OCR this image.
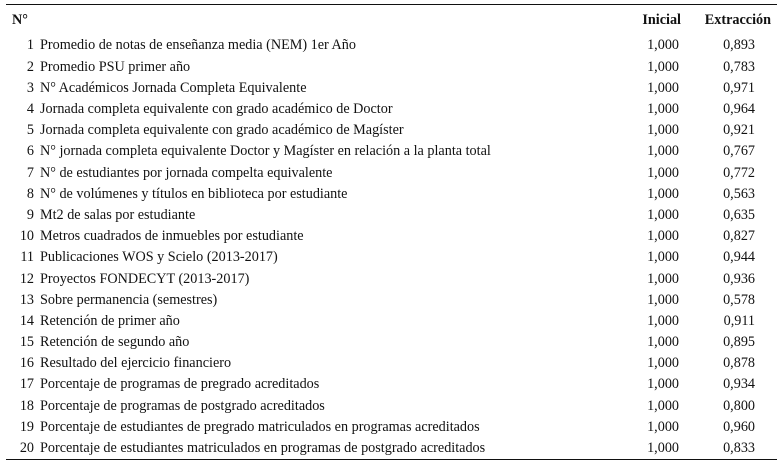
N°		Inicial	Extracción
1	Promedio de notas de enseñanza media (NEM) 1er Año	1,000	0,893
2	Promedio PSU primer año	1,000	0,783
3	N° Académicos Jornada Completa Equivalente	1,000	0,971
4	Jornada completa equivalente con grado académico de Doctor	1,000	0,964
5	Jornada completa equivalente con grado académico de Magíster	1,000	0,921
6	N° jornada completa equivalente Doctor y Magíster en relación a la planta total	1,000	0,767
7	N° de estudiantes por jornada compelta equivalente	1,000	0,772
8	N° de volúmenes y títulos en biblioteca por estudiante	1,000	0,563
9	Mt2 de salas por estudiante	1,000	0,635
10	Metros cuadrados de inmuebles por estudiante	1,000	0,827
11	Publicaciones WOS y Scielo (2013-2017)	1,000	0,944
12	Proyectos FONDECYT (2013-2017)	1,000	0,936
13	Sobre permanencia (semestres)	1,000	0,578
14	Retención de primer año	1,000	0,911
15	Retención de segundo año	1,000	0,895
16	Resultado del ejercicio financiero	1,000	0,878
17	Porcentaje de programas de pregrado acreditados	1,000	0,934
18	Porcentaje de programas de postgrado acreditados	1,000	0,800
19	Porcentaje de estudiantes de pregrado matriculados en programas acreditados	1,000	0,960
20	Porcentaje de estudiantes matriculados en programas de postgrado acreditados	1,000	0,833
